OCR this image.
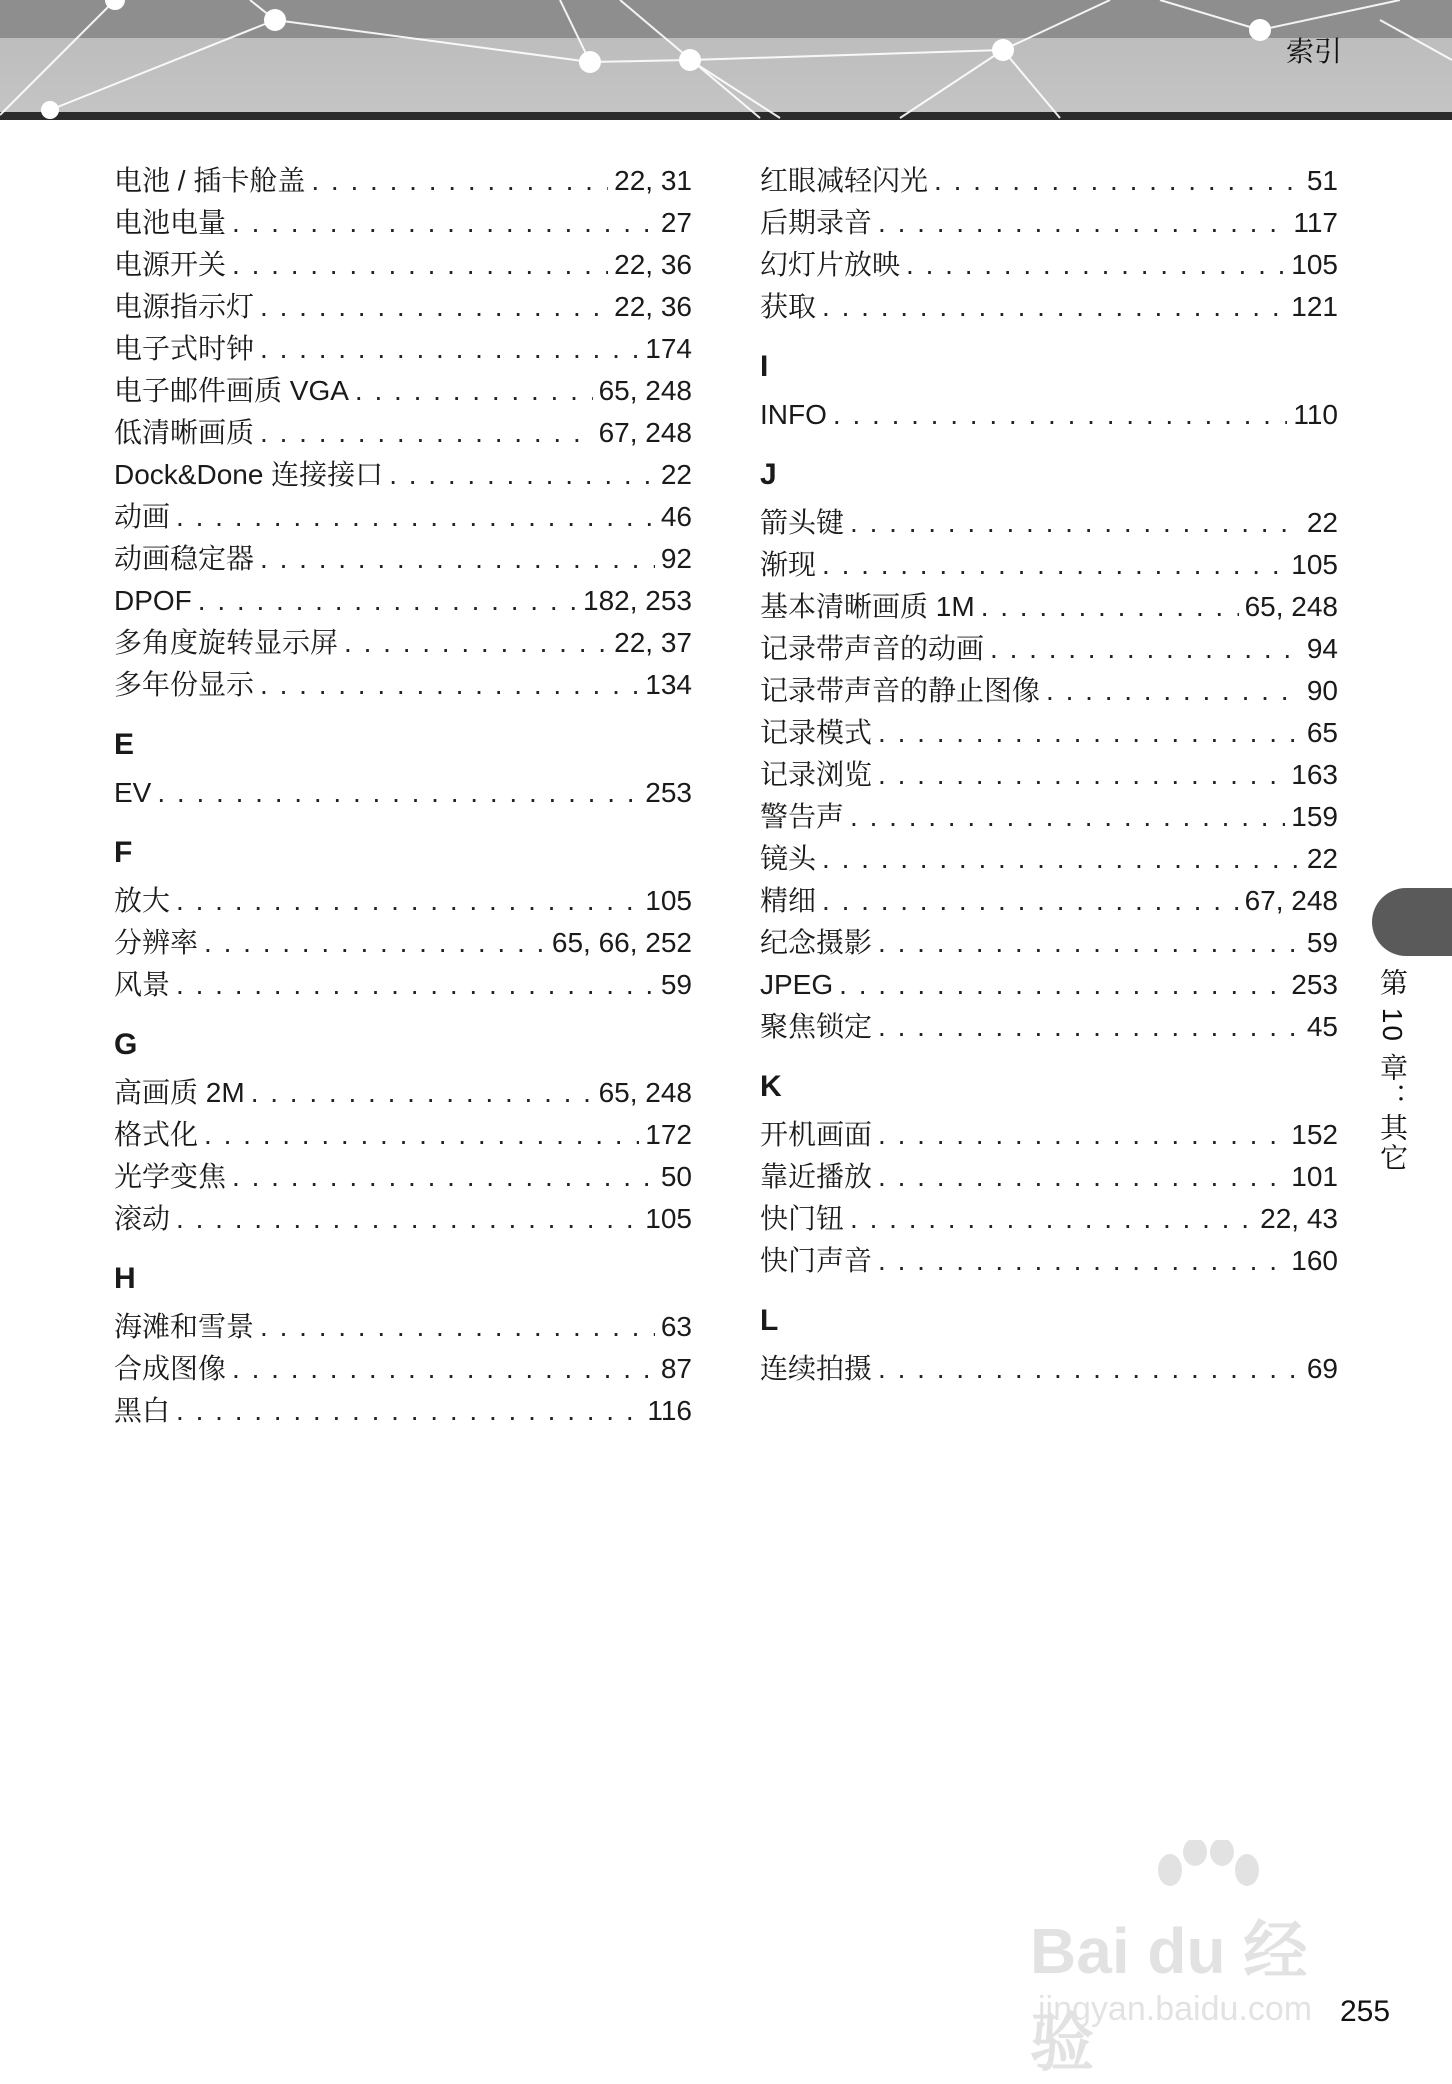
索引
电池 / 插卡舱盖 . . .	22, 31
电池电量 . . .	27
电源开关 . . .	22, 36
电源指示灯 . . .	22, 36
电子式时钟 . . .	174
电子邮件画质 VGA . . .	65, 248
低清晰画质 . . .	67, 248
Dock&Done 连接接口 . . .	22
动画 . . .	46
动画稳定器 . . .	92
DPOF . . .	182, 253
多角度旋转显示屏 . . .	22, 37
多年份显示 . . .	134
E
EV . . .	253
F
放大 . . .	105
分辨率 . . .	65, 66, 252
风景 . . .	59
G
高画质 2M . . .	65, 248
格式化 . . .	172
光学变焦 . . .	50
滚动 . . .	105
H
海滩和雪景 . . .	63
合成图像 . . .	87
黑白 . . .	116
红眼减轻闪光 . . .	51
后期录音 . . .	117
幻灯片放映 . . .	105
获取 . . .	121
I
INFO . . .	110
J
箭头键 . . .	22
渐现 . . .	105
基本清晰画质 1M . . .	65, 248
记录带声音的动画 . . .	94
记录带声音的静止图像 . . .	90
记录模式 . . .	65
记录浏览 . . .	163
警告声 . . .	159
镜头 . . .	22
精细 . . .	67, 248
纪念摄影 . . .	59
JPEG . . .	253
聚焦锁定 . . .	45
K
开机画面 . . .	152
靠近播放 . . .	101
快门钮 . . .	22, 43
快门声音 . . .	160
L
连续拍摄 . . .	69
第 10 章：其它
Bai du 经验
jingyan.baidu.com 255
